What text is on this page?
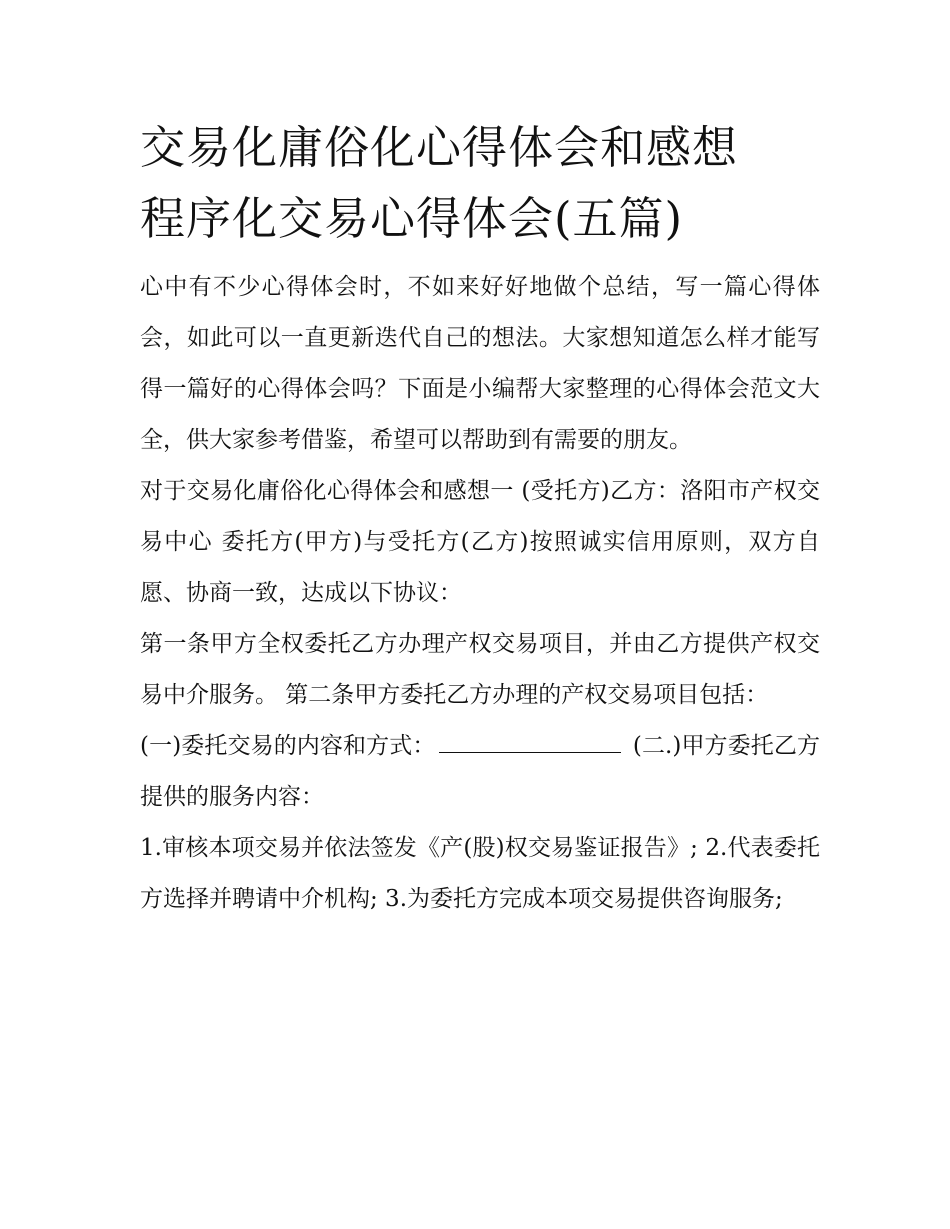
交易化庸俗化心得体会和感想
程序化交易心得体会(五篇)

心中有不少心得体会时，不如来好好地做个总结，写一篇心得体会，如此可以一直更新迭代自己的想法。大家想知道怎么样才能写得一篇好的心得体会吗？下面是小编帮大家整理的心得体会范文大全，供大家参考借鉴，希望可以帮助到有需要的朋友。

对于交易化庸俗化心得体会和感想一 (受托方)乙方：洛阳市产权交易中心 委托方(甲方)与受托方(乙方)按照诚实信用原则，双方自愿、协商一致，达成以下协议：

第一条甲方全权委托乙方办理产权交易项目，并由乙方提供产权交易中介服务。 第二条甲方委托乙方办理的产权交易项目包括：

(一)委托交易的内容和方式：	(二.)甲方委托乙方提供的服务内容：

1.审核本项交易并依法签发《产(股)权交易鉴证报告》; 2.代表委托方选择并聘请中介机构; 3.为委托方完成本项交易提供咨询服务;
